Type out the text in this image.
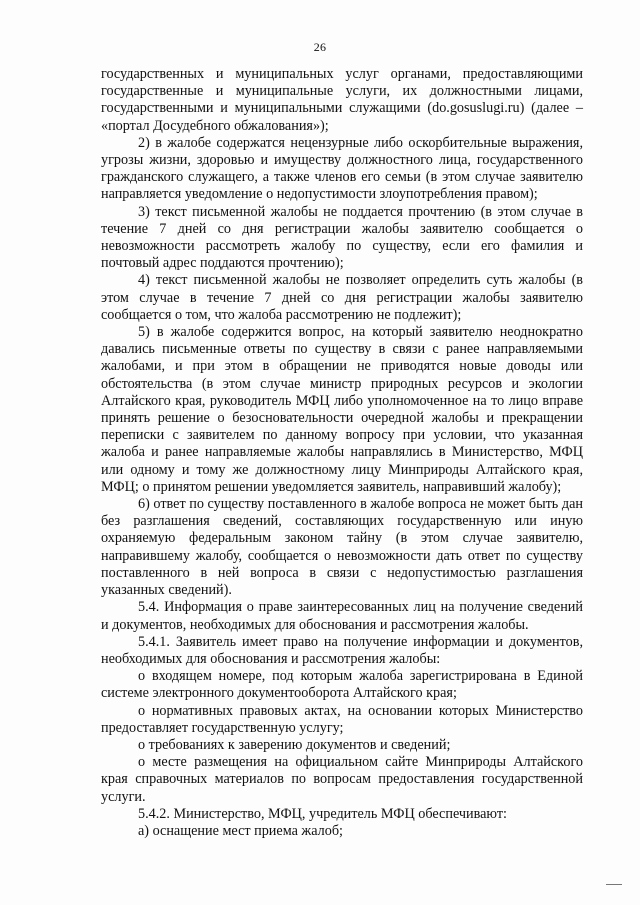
26

государственных и муниципальных услуг органами, предоставляющими государственные и муниципальные услуги, их должностными лицами, государственными и муниципальными служащими (do.gosuslugi.ru) (далее – «портал Досудебного обжалования»);

2) в жалобе содержатся нецензурные либо оскорбительные выражения, угрозы жизни, здоровью и имуществу должностного лица, государственного гражданского служащего, а также членов его семьи (в этом случае заявителю направляется уведомление о недопустимости злоупотребления правом);

3) текст письменной жалобы не поддается прочтению (в этом случае в течение 7 дней со дня регистрации жалобы заявителю сообщается о невозможности рассмотреть жалобу по существу, если его фамилия и почтовый адрес поддаются прочтению);

4) текст письменной жалобы не позволяет определить суть жалобы (в этом случае в течение 7 дней со дня регистрации жалобы заявителю сообщается о том, что жалоба рассмотрению не подлежит);

5) в жалобе содержится вопрос, на который заявителю неоднократно давались письменные ответы по существу в связи с ранее направляемыми жалобами, и при этом в обращении не приводятся новые доводы или обстоятельства (в этом случае министр природных ресурсов и экологии Алтайского края, руководитель МФЦ либо уполномоченное на то лицо вправе принять решение о безосновательности очередной жалобы и прекращении переписки с заявителем по данному вопросу при условии, что указанная жалоба и ранее направляемые жалобы направлялись в Министерство, МФЦ или одному и тому же должностному лицу Минприроды Алтайского края, МФЦ; о принятом решении уведомляется заявитель, направивший жалобу);

6) ответ по существу поставленного в жалобе вопроса не может быть дан без разглашения сведений, составляющих государственную или иную охраняемую федеральным законом тайну (в этом случае заявителю, направившему жалобу, сообщается о невозможности дать ответ по существу поставленного в ней вопроса в связи с недопустимостью разглашения указанных сведений).

5.4. Информация о праве заинтересованных лиц на получение сведений и документов, необходимых для обоснования и рассмотрения жалобы.

5.4.1. Заявитель имеет право на получение информации и документов, необходимых для обоснования и рассмотрения жалобы:

о входящем номере, под которым жалоба зарегистрирована в Единой системе электронного документооборота Алтайского края;

о нормативных правовых актах, на основании которых Министерство предоставляет государственную услугу;

о требованиях к заверению документов и сведений;

о месте размещения на официальном сайте Минприроды Алтайского края справочных материалов по вопросам предоставления государственной услуги.

5.4.2. Министерство, МФЦ, учредитель МФЦ обеспечивают:

а) оснащение мест приема жалоб;
